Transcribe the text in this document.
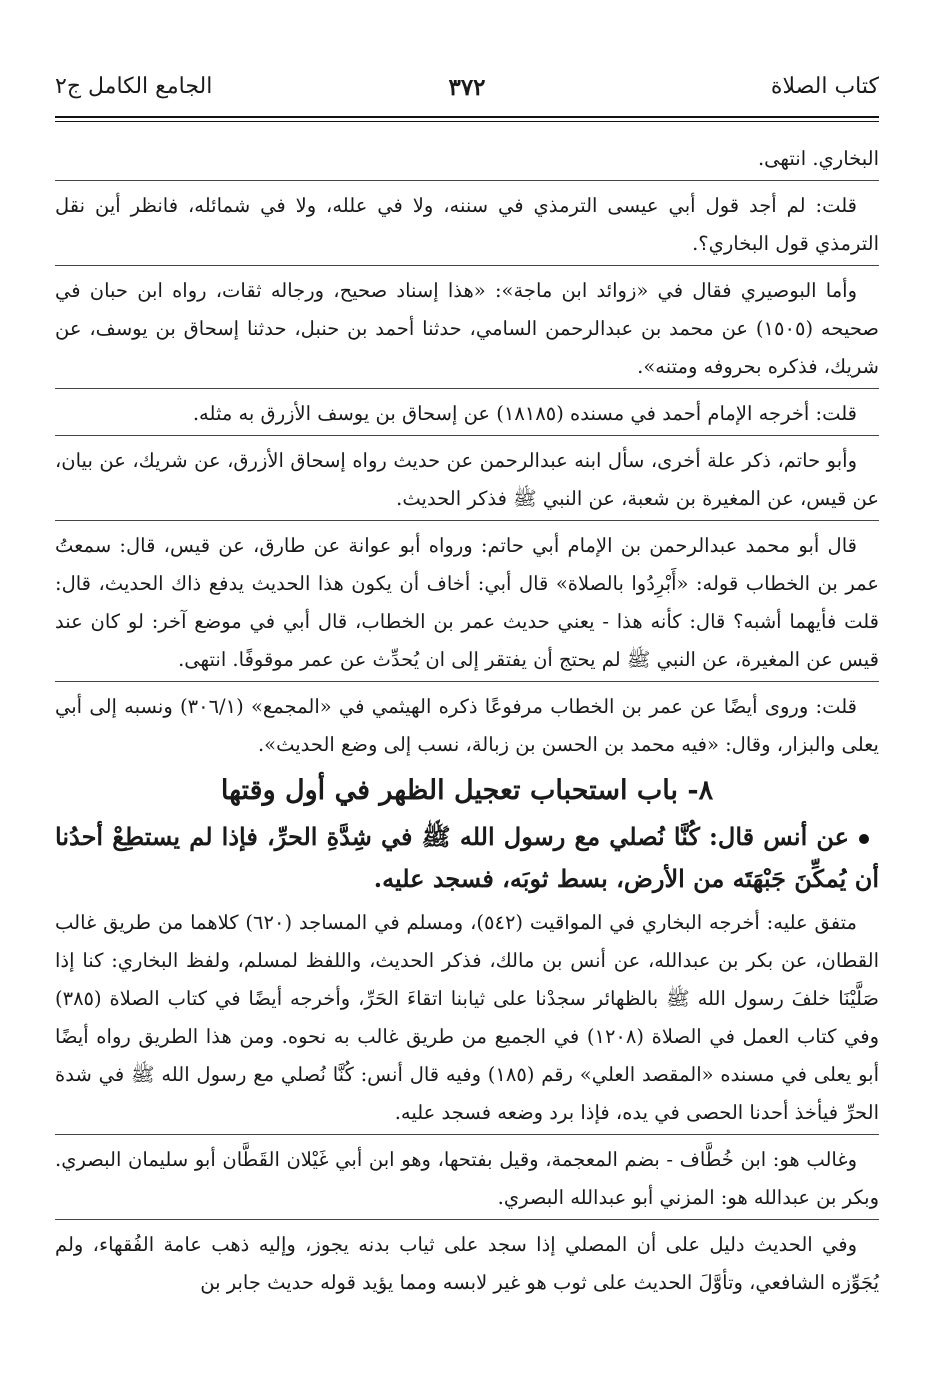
كتاب الصلاة
٣٧٢
الجامع الكامل ج٢

البخاري. انتهى.

قلت: لم أجد قول أبي عيسى الترمذي في سننه، ولا في علله، ولا في شمائله، فانظر أين نقل الترمذي قول البخاري؟.

وأما البوصيري فقال في «زوائد ابن ماجة»: «هذا إسناد صحيح، ورجاله ثقات، رواه ابن حبان في صحيحه (١٥٠٥) عن محمد بن عبدالرحمن السامي، حدثنا أحمد بن حنبل، حدثنا إسحاق بن يوسف، عن شريك، فذكره بحروفه ومتنه».

قلت: أخرجه الإمام أحمد في مسنده (١٨١٨٥) عن إسحاق بن يوسف الأزرق به مثله.

وأبو حاتم، ذكر علة أخرى، سأل ابنه عبدالرحمن عن حديث رواه إسحاق الأزرق، عن شريك، عن بيان، عن قيس، عن المغيرة بن شعبة، عن النبي ﷺ فذكر الحديث.

قال أبو محمد عبدالرحمن بن الإمام أبي حاتم: ورواه أبو عوانة عن طارق، عن قيس، قال: سمعتُ عمر بن الخطاب قوله: «أَبْرِدُوا بالصلاة» قال أبي: أخاف أن يكون هذا الحديث يدفع ذاك الحديث، قال: قلت فأيهما أشبه؟ قال: كأنه هذا - يعني حديث عمر بن الخطاب، قال أبي في موضع آخر: لو كان عند قيس عن المغيرة، عن النبي ﷺ لم يحتج أن يفتقر إلى ان يُحدِّث عن عمر موقوفًا. انتهى.

قلت: وروى أيضًا عن عمر بن الخطاب مرفوعًا ذكره الهيثمي في «المجمع» (٣٠٦/١) ونسبه إلى أبي يعلى والبزار، وقال: «فيه محمد بن الحسن بن زبالة، نسب إلى وضع الحديث».

٨- باب استحباب تعجيل الظهر في أول وقتها

عن أنس قال: كُنَّا نُصلي مع رسول الله ﷺ في شِدَّةِ الحرِّ، فإذا لم يستطِعْ أحدُنا أن يُمكِّنَ جَبْهَتَه من الأرض، بسط ثوبَه، فسجد عليه.

متفق عليه: أخرجه البخاري في المواقيت (٥٤٢)، ومسلم في المساجد (٦٢٠) كلاهما من طريق غالب القطان، عن بكر بن عبدالله، عن أنس بن مالك، فذكر الحديث، واللفظ لمسلم، ولفظ البخاري: كنا إذا صَلَّيْنَا خلفَ رسول الله ﷺ بالظهائر سجدْنا على ثيابنا اتقاءَ الحَرِّ، وأخرجه أيضًا في كتاب الصلاة (٣٨٥) وفي كتاب العمل في الصلاة (١٢٠٨) في الجميع من طريق غالب به نحوه. ومن هذا الطريق رواه أيضًا أبو يعلى في مسنده «المقصد العلي» رقم (١٨٥) وفيه قال أنس: كُنَّا نُصلي مع رسول الله ﷺ في شدة الحرِّ فيأخذ أحدنا الحصى في يده، فإذا برد وضعه فسجد عليه.

وغالب هو: ابن خُطَّاف - بضم المعجمة، وقيل بفتحها، وهو ابن أبي غَيْلان القَطَّان أبو سليمان البصري. وبكر بن عبدالله هو: المزني أبو عبدالله البصري.

وفي الحديث دليل على أن المصلي إذا سجد على ثياب بدنه يجوز، وإليه ذهب عامة الفُقهاء، ولم يُجَوِّزه الشافعي، وتأوَّلَ الحديث على ثوب هو غير لابسه ومما يؤيد قوله حديث جابر بن
